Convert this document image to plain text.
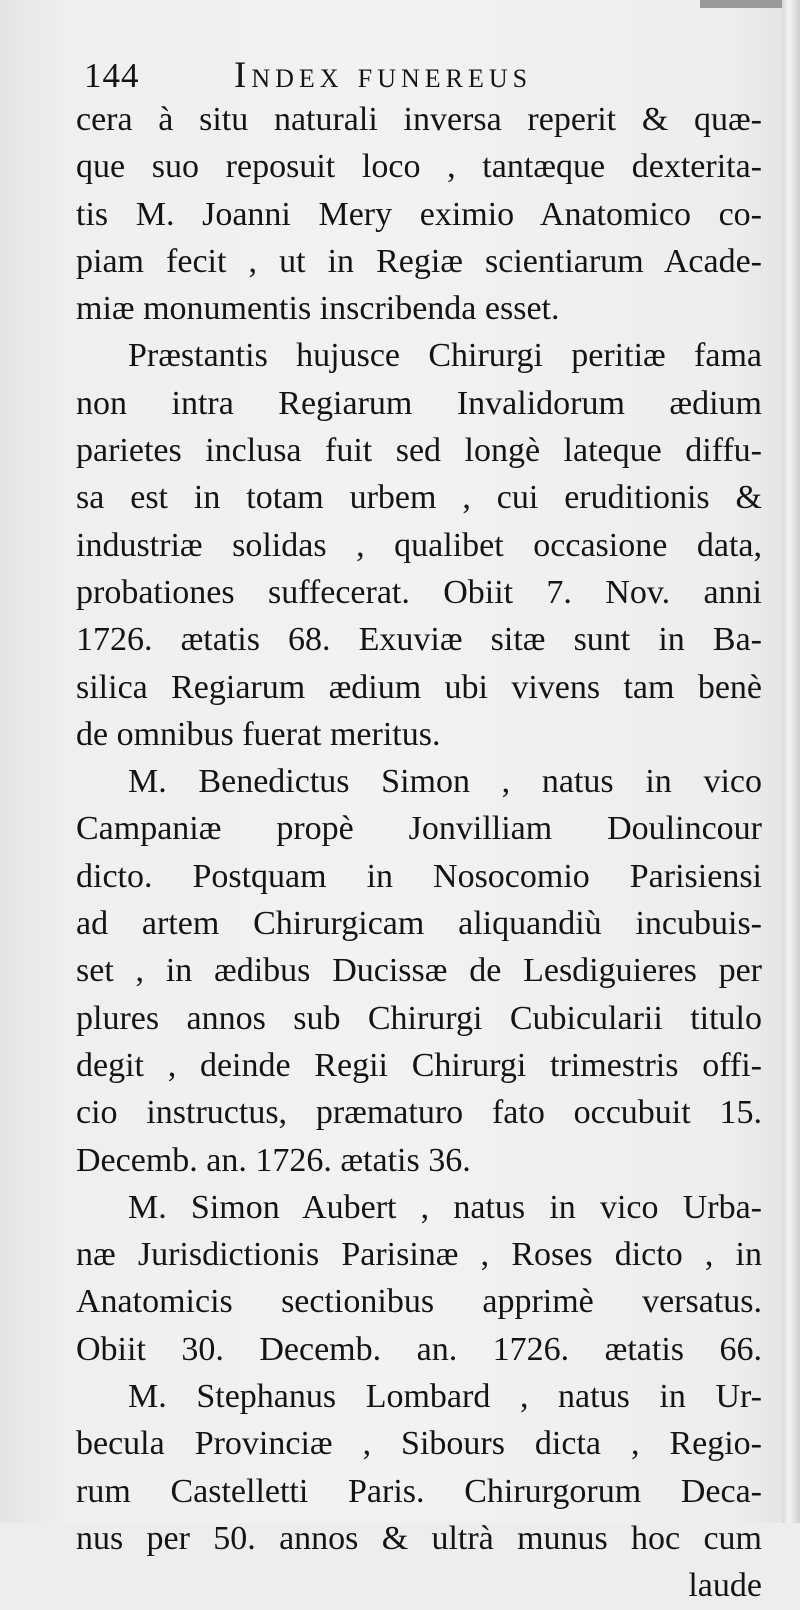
144	Index funereus
cera à situ naturali inversa reperit & quæ-
que suo reposuit loco , tantæque dexterita-
tis M. Joanni Mery eximio Anatomico co-
piam fecit , ut in Regiæ scientiarum Acade-
miæ monumentis inscribenda esset.
Præstantis hujusce Chirurgi peritiæ fama
non intra Regiarum Invalidorum ædium
parietes inclusa fuit sed longè lateque diffu-
sa est in totam urbem , cui eruditionis &
industriæ solidas , qualibet occasione data,
probationes suffecerat. Obiit 7. Nov. anni
1726. ætatis 68. Exuviæ sitæ sunt in Ba-
silica Regiarum ædium ubi vivens tam benè
de omnibus fuerat meritus.
M. Benedictus Simon , natus in vico
Campaniæ propè Jonvilliam Doulincour
dicto. Postquam in Nosocomio Parisiensi
ad artem Chirurgicam aliquandiù incubuis-
set , in ædibus Ducissæ de Lesdiguieres per
plures annos sub Chirurgi Cubicularii titulo
degit , deinde Regii Chirurgi trimestris offi-
cio instructus, præmaturo fato occubuit 15.
Decemb. an. 1726. ætatis 36.
M. Simon Aubert , natus in vico Urba-
næ Jurisdictionis Parisinæ , Roses dicto , in
Anatomicis sectionibus apprimè versatus.
Obiit 30. Decemb. an. 1726. ætatis 66.
M. Stephanus Lombard , natus in Ur-
becula Provinciæ , Sibours dicta , Regio-
rum Castelletti Paris. Chirurgorum Deca-
nus per 50. annos & ultrà munus hoc cum
laude
